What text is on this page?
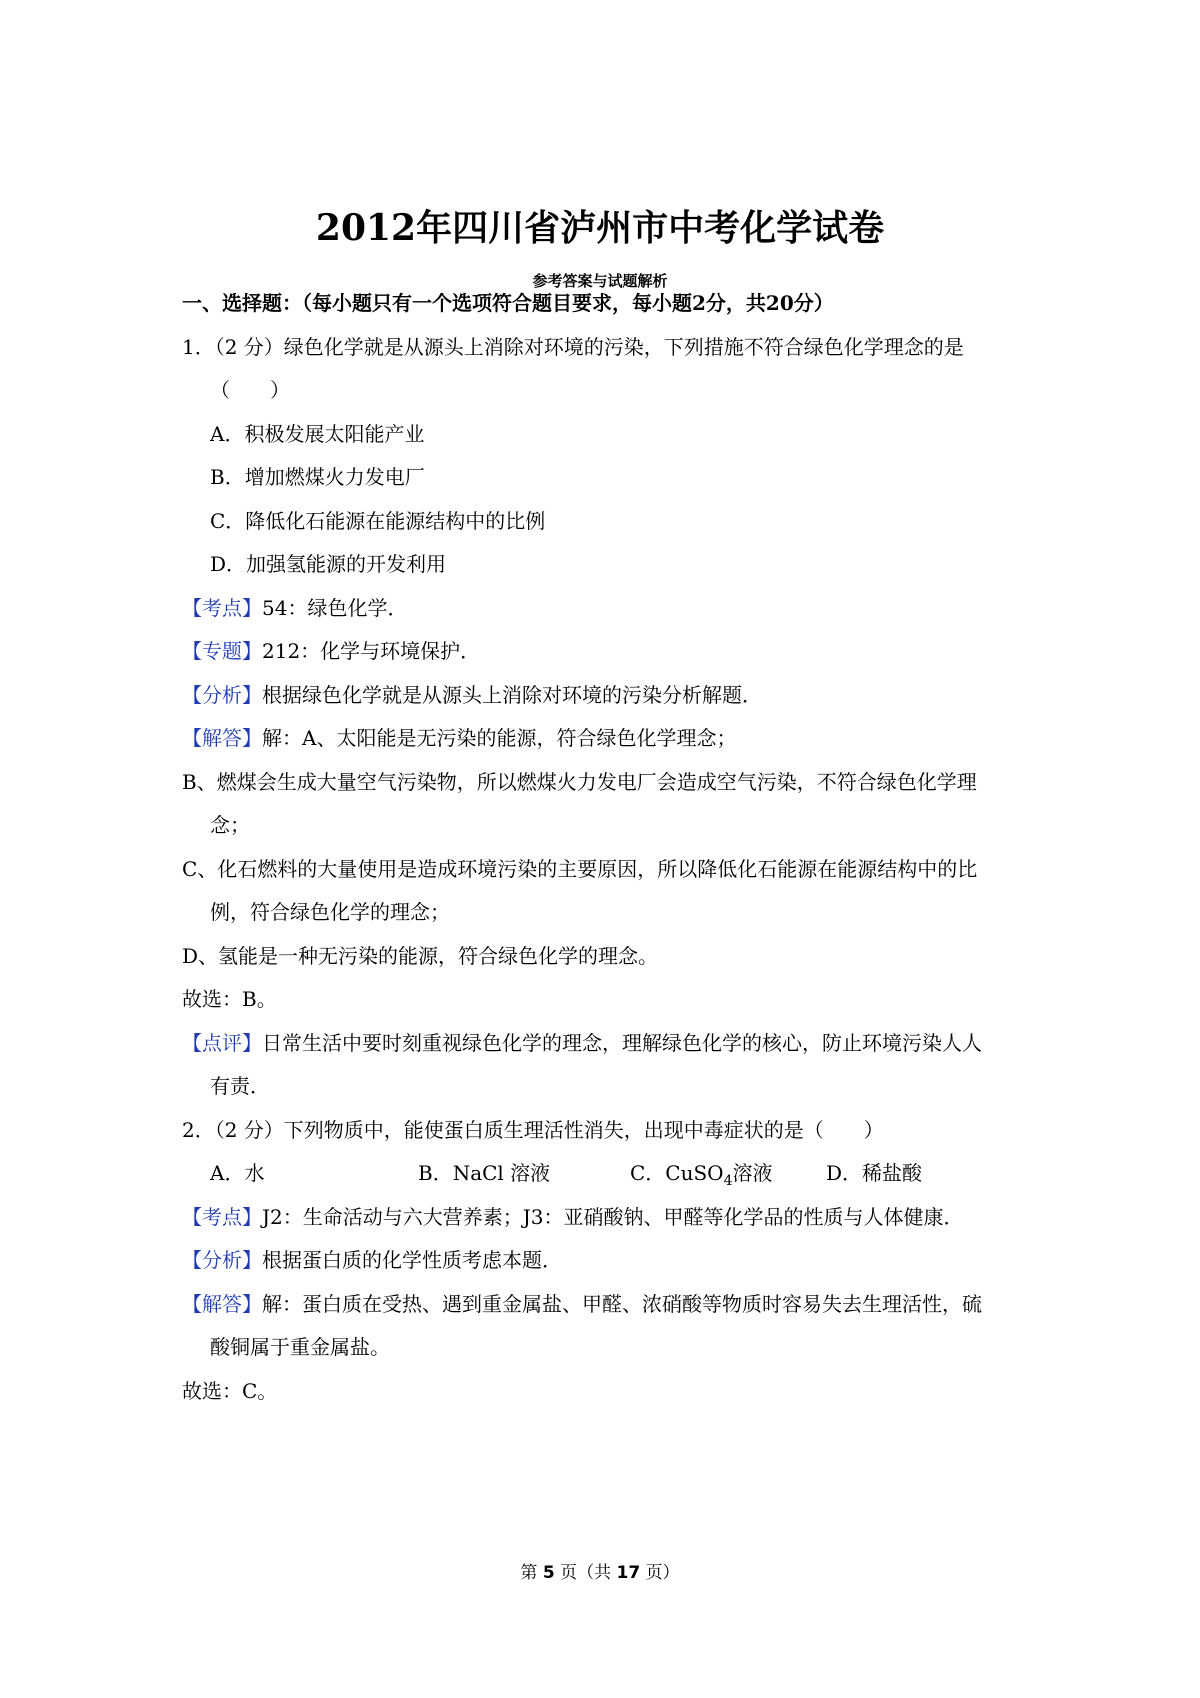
2012年四川省泸州市中考化学试卷
参考答案与试题解析
一、选择题：（每小题只有一个选项符合题目要求，每小题2分，共20分）
1．（2 分）绿色化学就是从源头上消除对环境的污染，下列措施不符合绿色化学理念的是
（　　）
A．积极发展太阳能产业
B．增加燃煤火力发电厂
C．降低化石能源在能源结构中的比例
D．加强氢能源的开发利用
【考点】54：绿色化学．
【专题】212：化学与环境保护．
【分析】根据绿色化学就是从源头上消除对环境的污染分析解题．
【解答】解：A、太阳能是无污染的能源，符合绿色化学理念；
B、燃煤会生成大量空气污染物，所以燃煤火力发电厂会造成空气污染，不符合绿色化学理
念；
C、化石燃料的大量使用是造成环境污染的主要原因，所以降低化石能源在能源结构中的比
例，符合绿色化学的理念；
D、氢能是一种无污染的能源，符合绿色化学的理念。
故选：B。
【点评】日常生活中要时刻重视绿色化学的理念，理解绿色化学的核心，防止环境污染人人
有责．
2．（2 分）下列物质中，能使蛋白质生理活性消失，出现中毒症状的是（　　）
A．水	B．NaCl 溶液	C．CuSO$_4$溶液	D．稀盐酸
【考点】J2：生命活动与六大营养素；J3：亚硝酸钠、甲醛等化学品的性质与人体健康．
【分析】根据蛋白质的化学性质考虑本题．
【解答】解：蛋白质在受热、遇到重金属盐、甲醛、浓硝酸等物质时容易失去生理活性，硫
酸铜属于重金属盐。
故选：C。
第 5 页（共 17 页）
